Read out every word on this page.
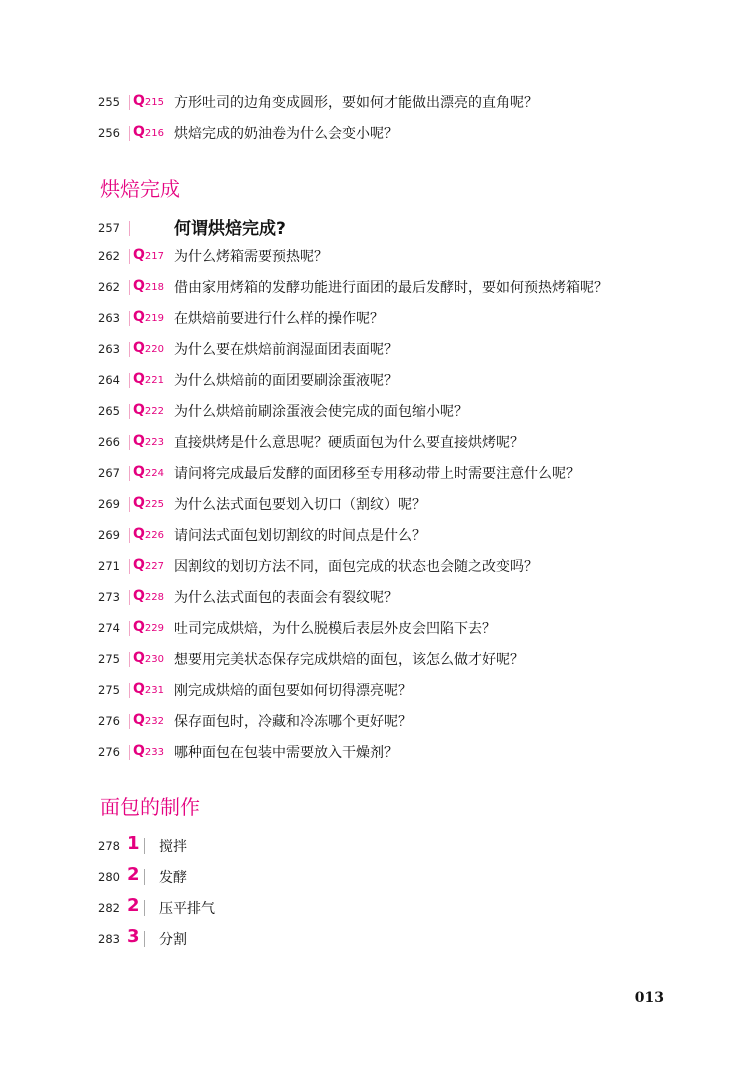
255 Q215 方形吐司的边角变成圆形，要如何才能做出漂亮的直角呢？
256 Q216 烘焙完成的奶油卷为什么会变小呢？
烘焙完成
257	何谓烘焙完成?
262 Q217 为什么烤箱需要预热呢？
262 Q218 借由家用烤箱的发酵功能进行面团的最后发酵时，要如何预热烤箱呢？
263 Q219 在烘焙前要进行什么样的操作呢？
263 Q220 为什么要在烘焙前润湿面团表面呢？
264 Q221 为什么烘焙前的面团要刷涂蛋液呢？
265 Q222 为什么烘焙前刷涂蛋液会使完成的面包缩小呢？
266 Q223 直接烘烤是什么意思呢？硬质面包为什么要直接烘烤呢？
267 Q224 请问将完成最后发酵的面团移至专用移动带上时需要注意什么呢？
269 Q225 为什么法式面包要划入切口（割纹）呢？
269 Q226 请问法式面包划切割纹的时间点是什么？
271 Q227 因割纹的划切方法不同，面包完成的状态也会随之改变吗？
273 Q228 为什么法式面包的表面会有裂纹呢？
274 Q229 吐司完成烘焙，为什么脱模后表层外皮会凹陷下去？
275 Q230 想要用完美状态保存完成烘焙的面包，该怎么做才好呢？
275 Q231 刚完成烘焙的面包要如何切得漂亮呢？
276 Q232 保存面包时，冷藏和冷冻哪个更好呢？
276 Q233 哪种面包在包装中需要放入干燥剂？
面包的制作
278 1 搅拌
280 2 发酵
282 2 压平排气
283 3 分割
013
